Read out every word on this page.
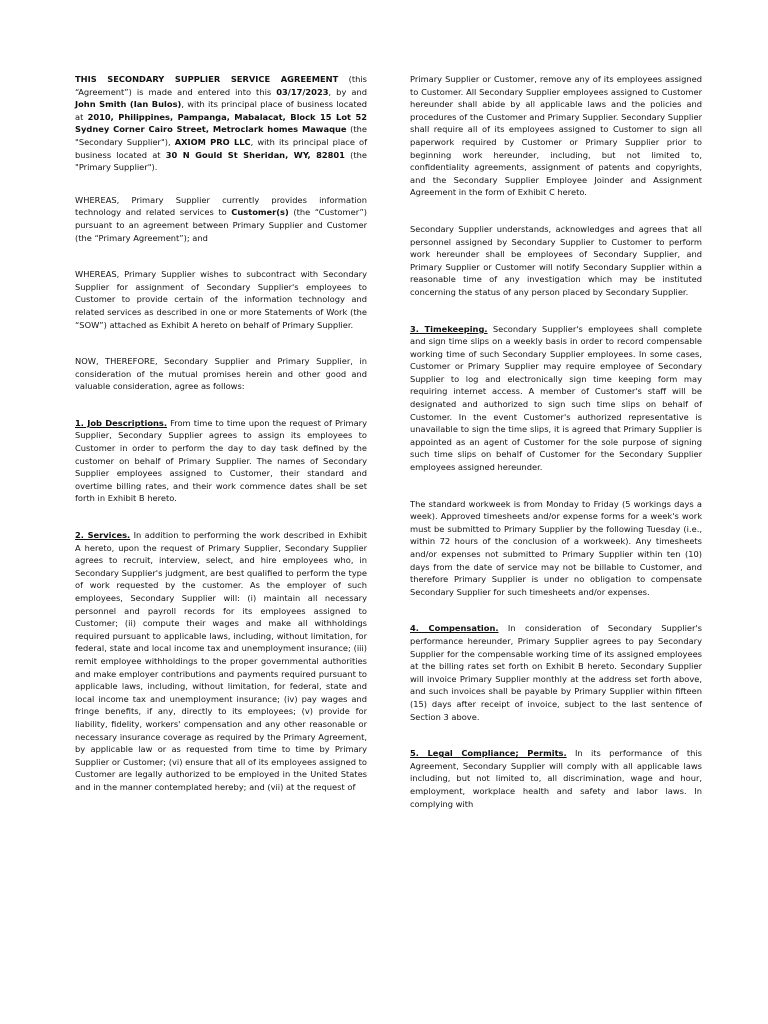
THIS SECONDARY SUPPLIER SERVICE AGREEMENT (this “Agreement”) is made and entered into this 03/17/2023, by and John Smith (Ian Bulos), with its principal place of business located at 2010, Philippines, Pampanga, Mabalacat, Block 15 Lot 52 Sydney Corner Cairo Street, Metroclark homes Mawaque (the "Secondary Supplier"), AXIOM PRO LLC, with its principal place of business located at 30 N Gould St Sheridan, WY, 82801 (the "Primary Supplier").

WHEREAS, Primary Supplier currently provides information technology and related services to Customer(s) (the “Customer”) pursuant to an agreement between Primary Supplier and Customer (the “Primary Agreement”); and

WHEREAS, Primary Supplier wishes to subcontract with Secondary Supplier for assignment of Secondary Supplier's employees to Customer to provide certain of the information technology and related services as described in one or more Statements of Work (the “SOW”) attached as Exhibit A hereto on behalf of Primary Supplier.

NOW, THEREFORE, Secondary Supplier and Primary Supplier, in consideration of the mutual promises herein and other good and valuable consideration, agree as follows:

1. Job Descriptions. From time to time upon the request of Primary Supplier, Secondary Supplier agrees to assign its employees to Customer in order to perform the day to day task defined by the customer on behalf of Primary Supplier. The names of Secondary Supplier employees assigned to Customer, their standard and overtime billing rates, and their work commence dates shall be set forth in Exhibit B hereto.

2. Services. In addition to performing the work described in Exhibit A hereto, upon the request of Primary Supplier, Secondary Supplier agrees to recruit, interview, select, and hire employees who, in Secondary Supplier's judgment, are best qualified to perform the type of work requested by the customer. As the employer of such employees, Secondary Supplier will: (i) maintain all necessary personnel and payroll records for its employees assigned to Customer; (ii) compute their wages and make all withholdings required pursuant to applicable laws, including, without limitation, for federal, state and local income tax and unemployment insurance; (iii) remit employee withholdings to the proper governmental authorities and make employer contributions and payments required pursuant to applicable laws, including, without limitation, for federal, state and local income tax and unemployment insurance; (iv) pay wages and fringe benefits, if any, directly to its employees; (v) provide for liability, fidelity, workers' compensation and any other reasonable or necessary insurance coverage as required by the Primary Agreement, by applicable law or as requested from time to time by Primary Supplier or Customer; (vi) ensure that all of its employees assigned to Customer are legally authorized to be employed in the United States and in the manner contemplated hereby; and (vii) at the request of

Primary Supplier or Customer, remove any of its employees assigned to Customer. All Secondary Supplier employees assigned to Customer hereunder shall abide by all applicable laws and the policies and procedures of the Customer and Primary Supplier. Secondary Supplier shall require all of its employees assigned to Customer to sign all paperwork required by Customer or Primary Supplier prior to beginning work hereunder, including, but not limited to, confidentiality agreements, assignment of patents and copyrights, and the Secondary Supplier Employee Joinder and Assignment Agreement in the form of Exhibit C hereto.

Secondary Supplier understands, acknowledges and agrees that all personnel assigned by Secondary Supplier to Customer to perform work hereunder shall be employees of Secondary Supplier, and Primary Supplier or Customer will notify Secondary Supplier within a reasonable time of any investigation which may be instituted concerning the status of any person placed by Secondary Supplier.

3. Timekeeping. Secondary Supplier's employees shall complete and sign time slips on a weekly basis in order to record compensable working time of such Secondary Supplier employees. In some cases, Customer or Primary Supplier may require employee of Secondary Supplier to log and electronically sign time keeping form may requiring internet access. A member of Customer's staff will be designated and authorized to sign such time slips on behalf of Customer. In the event Customer's authorized representative is unavailable to sign the time slips, it is agreed that Primary Supplier is appointed as an agent of Customer for the sole purpose of signing such time slips on behalf of Customer for the Secondary Supplier employees assigned hereunder.

The standard workweek is from Monday to Friday (5 workings days a week). Approved timesheets and/or expense forms for a week's work must be submitted to Primary Supplier by the following Tuesday (i.e., within 72 hours of the conclusion of a workweek). Any timesheets and/or expenses not submitted to Primary Supplier within ten (10) days from the date of service may not be billable to Customer, and therefore Primary Supplier is under no obligation to compensate Secondary Supplier for such timesheets and/or expenses.

4. Compensation. In consideration of Secondary Supplier's performance hereunder, Primary Supplier agrees to pay Secondary Supplier for the compensable working time of its assigned employees at the billing rates set forth on Exhibit B hereto. Secondary Supplier will invoice Primary Supplier monthly at the address set forth above, and such invoices shall be payable by Primary Supplier within fifteen (15) days after receipt of invoice, subject to the last sentence of Section 3 above.

5. Legal Compliance; Permits. In its performance of this Agreement, Secondary Supplier will comply with all applicable laws including, but not limited to, all discrimination, wage and hour, employment, workplace health and safety and labor laws. In complying with
